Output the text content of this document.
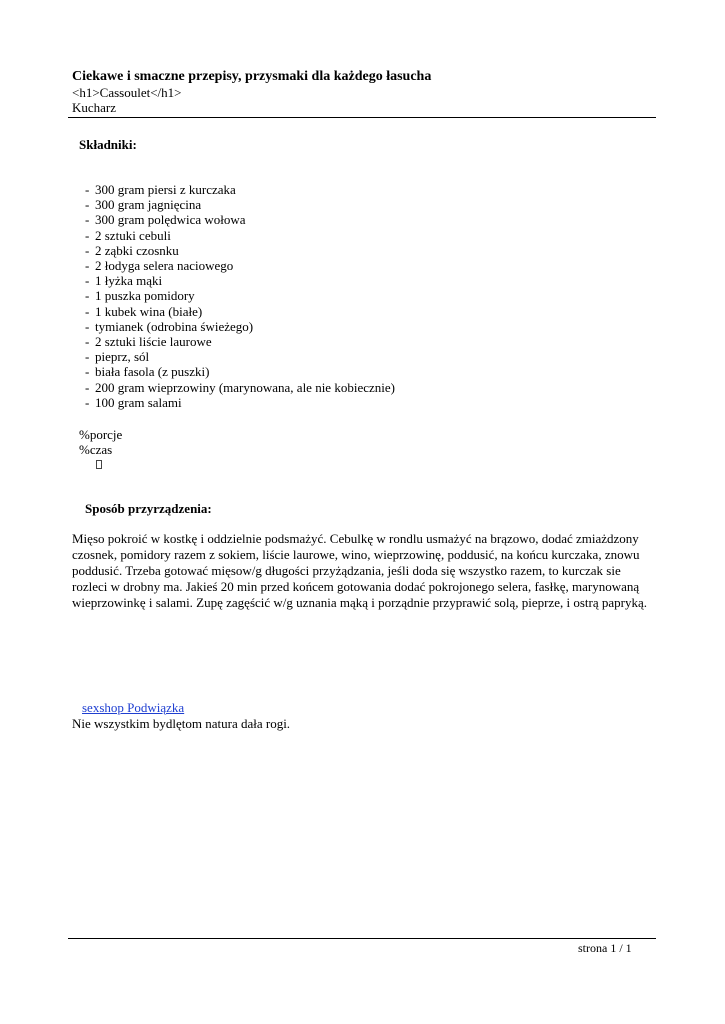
Ciekawe i smaczne przepisy, przysmaki dla każdego łasucha

<h1>Cassoulet</h1>

Kucharz

Składniki:

- 300 gram piersi z kurczaka
- 300 gram jagnięcina
- 300 gram polędwica wołowa
- 2 sztuki cebuli
- 2 ząbki czosnku
- 2 łodyga selera naciowego
- 1 łyżka mąki
- 1 puszka pomidory
- 1 kubek wina (białe)
- tymianek (odrobina świeżego)
- 2 sztuki liście laurowe
- pieprz, sól
- biała fasola (z puszki)
- 200 gram wieprzowiny (marynowana, ale nie kobiecznie)
- 100 gram salami

%porcje

%czas

Sposób przyrządzenia:

Mięso pokroić w kostkę i oddzielnie podsmażyć. Cebulkę w rondlu usmażyć na brązowo, dodać zmiażdzony czosnek, pomidory razem z sokiem, liście laurowe, wino, wieprzowinę, poddusić, na końcu kurczaka, znowu poddusić. Trzeba gotować mięsow/g długości przyżądzania, jeśli doda się wszystko razem, to kurczak sie rozleci w drobny ma. Jakieś 20 min przed końcem gotowania dodać pokrojonego selera, fasłkę, marynowaną wieprzowinkę i salami. Zupę zagęścić w/g uznania mąką i porządnie przyprawić solą, pieprze, i ostrą papryką.

sexshop Podwiązka

Nie wszystkim bydlętom natura dała rogi.

strona 1 / 1
